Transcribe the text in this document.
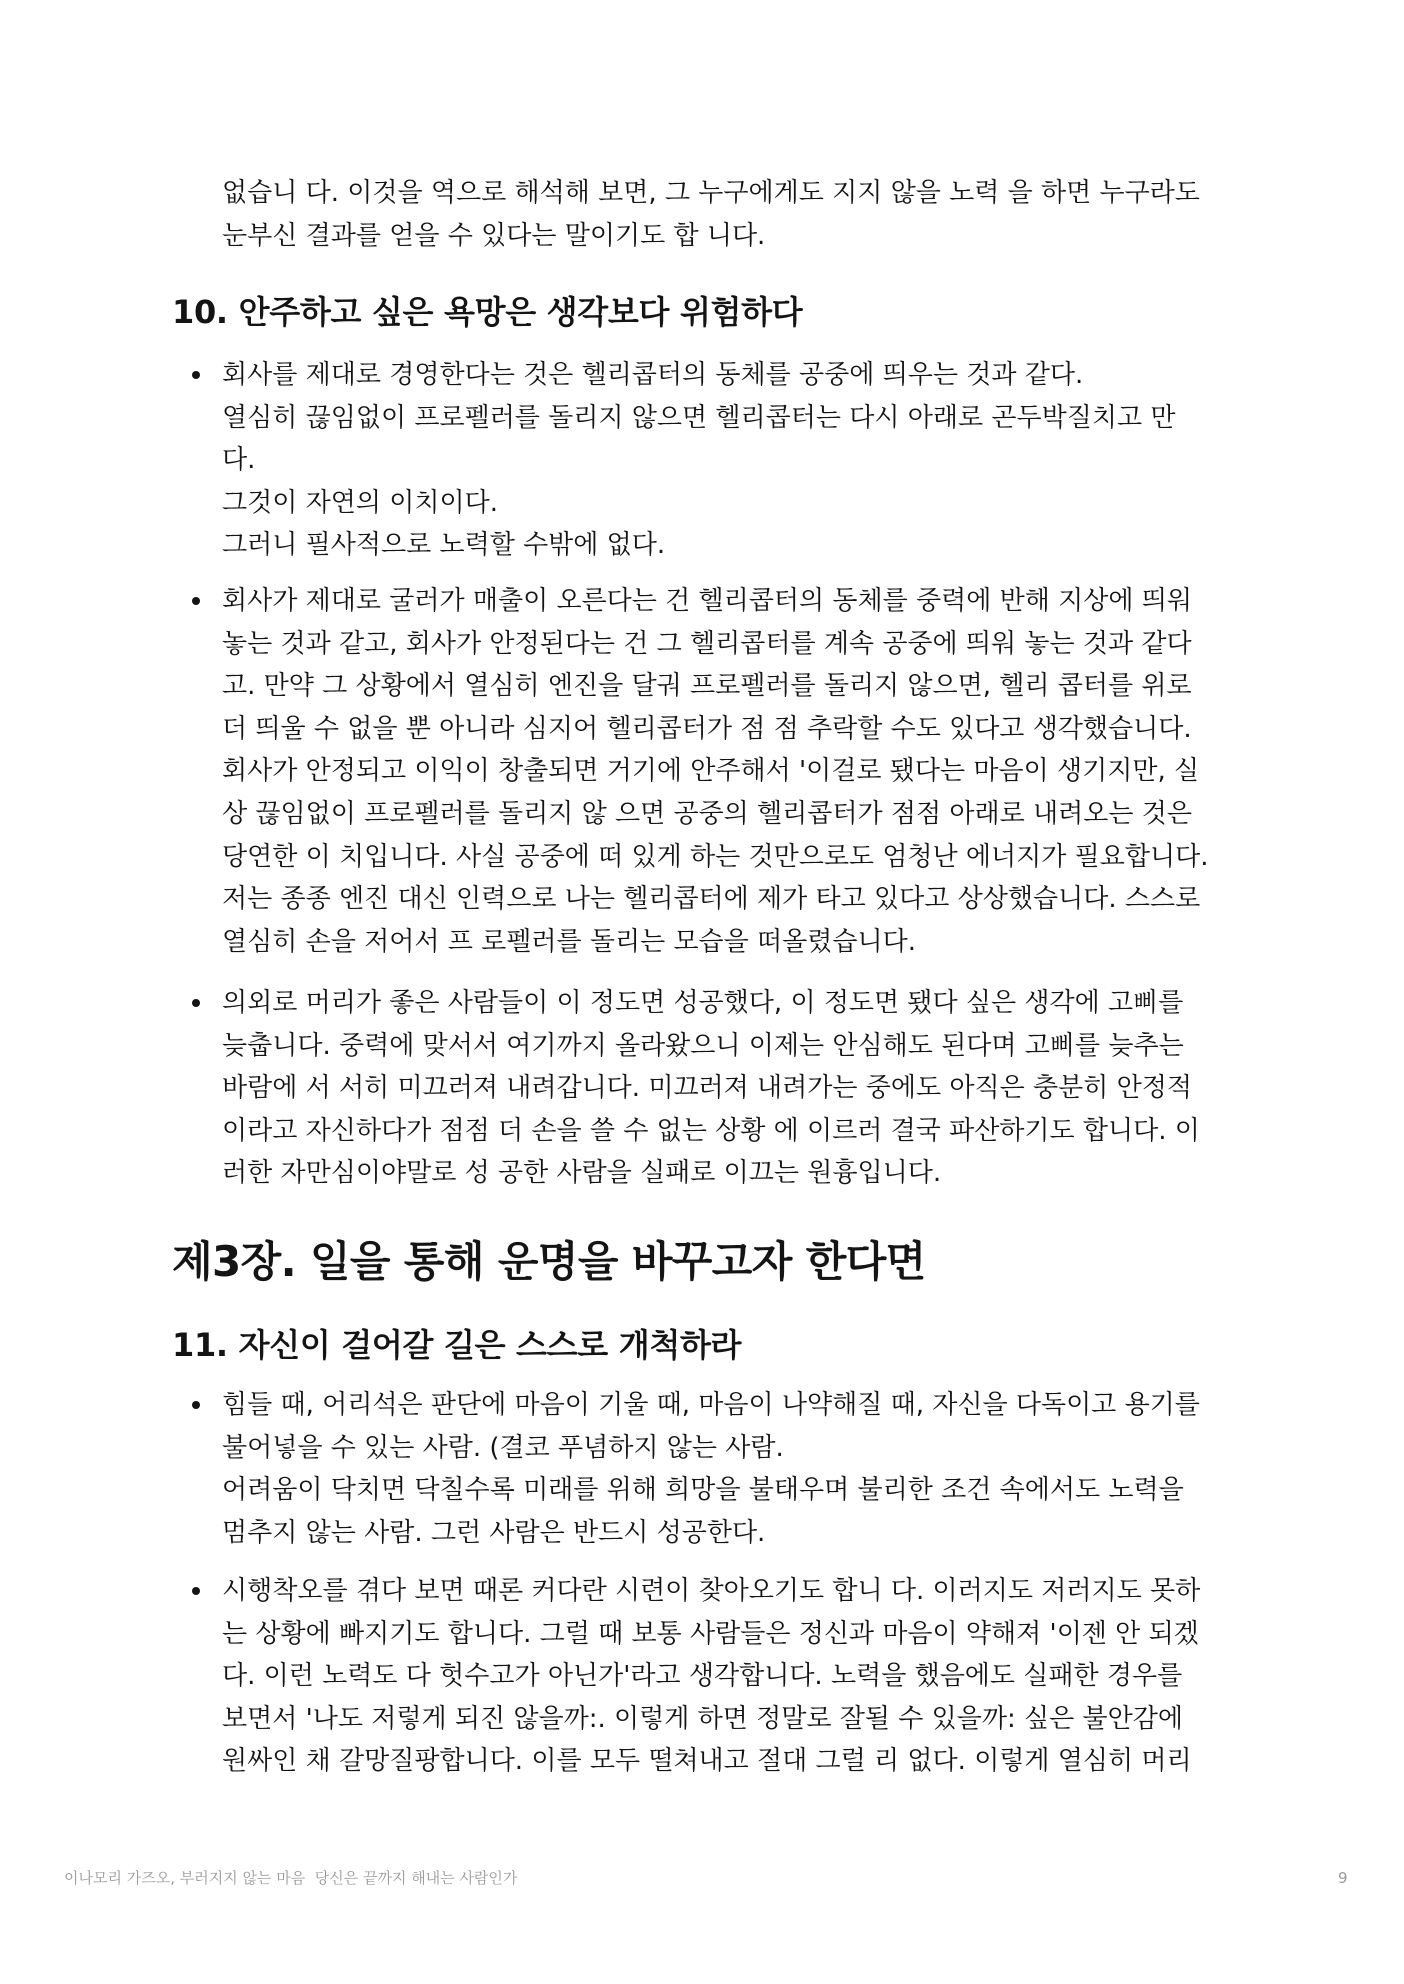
없습니 다. 이것을 역으로 해석해 보면, 그 누구에게도 지지 않을 노력 을 하면 누구라도
눈부신 결과를 얻을 수 있다는 말이기도 합 니다.
10. 안주하고 싶은 욕망은 생각보다 위험하다
회사를 제대로 경영한다는 것은 헬리콥터의 동체를 공중에 띄우는 것과 같다.
열심히 끊임없이 프로펠러를 돌리지 않으면 헬리콥터는 다시 아래로 곤두박질치고 만
다.
그것이 자연의 이치이다.
그러니 필사적으로 노력할 수밖에 없다.
회사가 제대로 굴러가 매출이 오른다는 건 헬리콥터의 동체를 중력에 반해 지상에 띄워
놓는 것과 같고, 회사가 안정된다는 건 그 헬리콥터를 계속 공중에 띄워 놓는 것과 같다
고. 만약 그 상황에서 열심히 엔진을 달궈 프로펠러를 돌리지 않으면, 헬리 콥터를 위로
더 띄울 수 없을 뿐 아니라 심지어 헬리콥터가 점 점 추락할 수도 있다고 생각했습니다.
회사가 안정되고 이익이 창출되면 거기에 안주해서 '이걸로 됐다는 마음이 생기지만, 실
상 끊임없이 프로펠러를 돌리지 않 으면 공중의 헬리콥터가 점점 아래로 내려오는 것은
당연한 이 치입니다. 사실 공중에 떠 있게 하는 것만으로도 엄청난 에너지가 필요합니다.
저는 종종 엔진 대신 인력으로 나는 헬리콥터에 제가 타고 있다고 상상했습니다. 스스로
열심히 손을 저어서 프 로펠러를 돌리는 모습을 떠올렸습니다.
의외로 머리가 좋은 사람들이 이 정도면 성공했다, 이 정도면 됐다 싶은 생각에 고삐를
늦춥니다. 중력에 맞서서 여기까지 올라왔으니 이제는 안심해도 된다며 고삐를 늦추는
바람에 서 서히 미끄러져 내려갑니다. 미끄러져 내려가는 중에도 아직은 충분히 안정적
이라고 자신하다가 점점 더 손을 쓸 수 없는 상황 에 이르러 결국 파산하기도 합니다. 이
러한 자만심이야말로 성 공한 사람을 실패로 이끄는 원흉입니다.
제3장. 일을 통해 운명을 바꾸고자 한다면
11. 자신이 걸어갈 길은 스스로 개척하라
힘들 때, 어리석은 판단에 마음이 기울 때, 마음이 나약해질 때, 자신을 다독이고 용기를
불어넣을 수 있는 사람. (결코 푸념하지 않는 사람.
어려움이 닥치면 닥칠수록 미래를 위해 희망을 불태우며 불리한 조건 속에서도 노력을
멈추지 않는 사람. 그런 사람은 반드시 성공한다.
시행착오를 겪다 보면 때론 커다란 시련이 찾아오기도 합니 다. 이러지도 저러지도 못하
는 상황에 빠지기도 합니다. 그럴 때 보통 사람들은 정신과 마음이 약해져 '이젠 안 되겠
다. 이런 노력도 다 헛수고가 아닌가'라고 생각합니다. 노력을 했음에도 실패한 경우를
보면서 '나도 저렇게 되진 않을까:. 이렇게 하면 정말로 잘될 수 있을까: 싶은 불안감에
원싸인 채 갈망질팡합니다. 이를 모두 떨쳐내고 절대 그럴 리 없다. 이렇게 열심히 머리
이나모리 가즈오, 부러지지 않는 마음  당신은 끝까지 해내는 사람인가	9
